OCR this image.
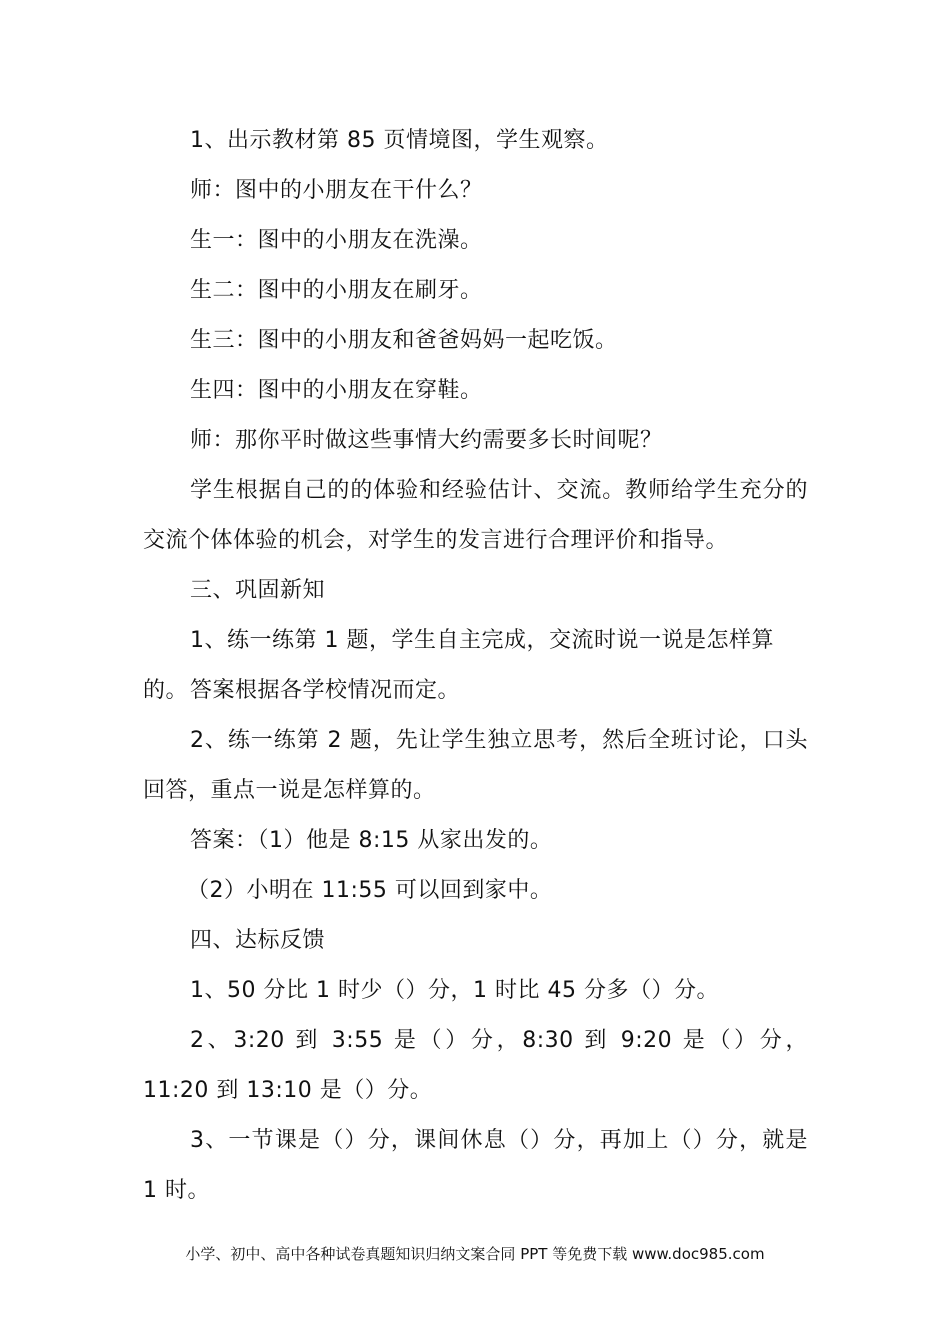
1、出示教材第 85 页情境图，学生观察。

师：图中的小朋友在干什么？

生一：图中的小朋友在洗澡。

生二：图中的小朋友在刷牙。

生三：图中的小朋友和爸爸妈妈一起吃饭。

生四：图中的小朋友在穿鞋。

师：那你平时做这些事情大约需要多长时间呢？

学生根据自己的的体验和经验估计、交流。教师给学生充分的交流个体体验的机会，对学生的发言进行合理评价和指导。

三、巩固新知

1、练一练第 1 题，学生自主完成，交流时说一说是怎样算的。 答案根据各学校情况而定。

2、练一练第 2 题，先让学生独立思考，然后全班讨论，口头回答，重点一说是怎样算的。

答案：（1）他是 8:15 从家出发的。

（2）小明在 11:55 可以回到家中。

四、达标反馈

1、50 分比 1 时少（）分，1 时比 45 分多（）分。

2、3:20 到 3:55 是（）分，8:30 到 9:20 是（）分，11:20 到 13:10 是（）分。

3、一节课是（）分，课间休息（）分，再加上（）分，就是 1 时。

小学、初中、高中各种试卷真题知识归纳文案合同 PPT 等免费下载 www.doc985.com
